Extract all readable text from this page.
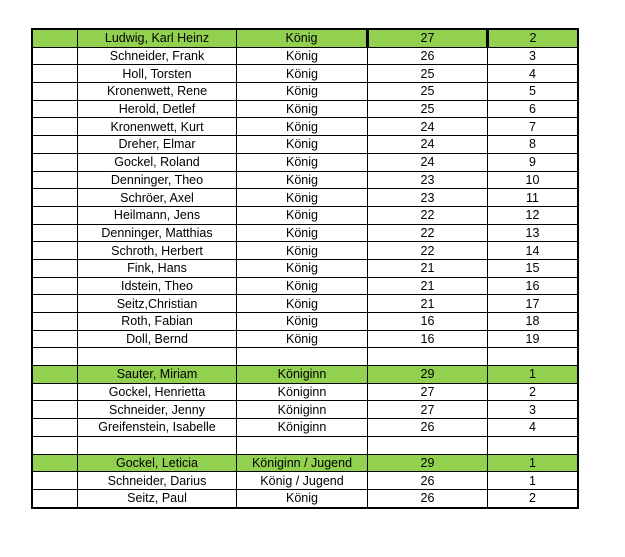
	Ludwig, Karl Heinz	König	27	2
	Schneider, Frank	König	26	3
	Holl, Torsten	König	25	4
	Kronenwett, Rene	König	25	5
	Herold, Detlef	König	25	6
	Kronenwett, Kurt	König	24	7
	Dreher, Elmar	König	24	8
	Gockel, Roland	König	24	9
	Denninger, Theo	König	23	10
	Schröer, Axel	König	23	11
	Heilmann, Jens	König	22	12
	Denninger, Matthias	König	22	13
	Schroth, Herbert	König	22	14
	Fink, Hans	König	21	15
	Idstein, Theo	König	21	16
	Seitz,Christian	König	21	17
	Roth, Fabian	König	16	18
	Doll, Bernd	König	16	19

	Sauter, Miriam	Königinn	29	1
	Gockel, Henrietta	Königinn	27	2
	Schneider, Jenny	Königinn	27	3
	Greifenstein, Isabelle	Königinn	26	4

	Gockel, Leticia	Königinn / Jugend	29	1
	Schneider, Darius	König / Jugend	26	1
	Seitz, Paul	König	26	2
